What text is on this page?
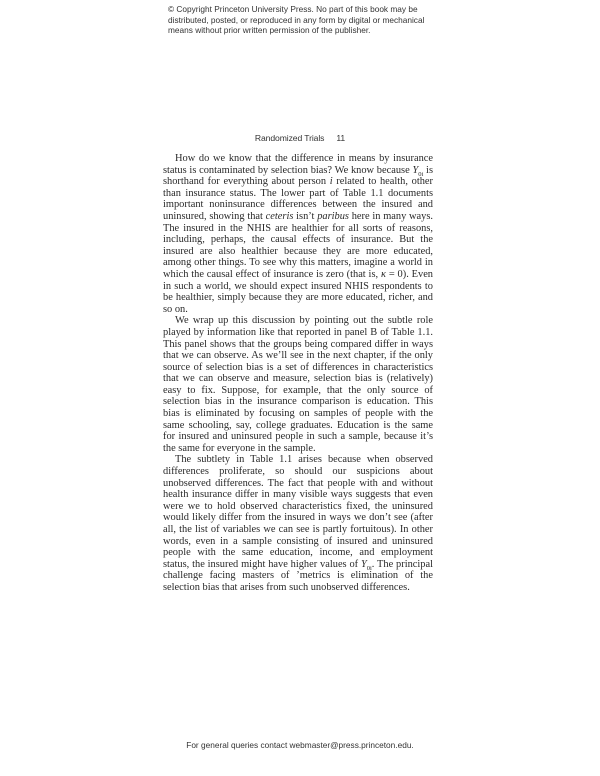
© Copyright Princeton University Press. No part of this book may be
distributed, posted, or reproduced in any form by digital or mechanical
means without prior written permission of the publisher.
Randomized Trials 11

How do we know that the difference in means by insurance status is contaminated by selection bias? We know because $Y_{0i}$ is shorthand for everything about person i related to health, other than insurance status. The lower part of Table 1.1 documents important noninsurance differences between the insured and uninsured, showing that ceteris isn’t paribus here in many ways. The insured in the NHIS are healthier for all sorts of reasons, including, perhaps, the causal effects of insurance. But the insured are also healthier because they are more educated, among other things. To see why this matters, imagine a world in which the causal effect of insurance is zero (that is, κ = 0). Even in such a world, we should expect insured NHIS respondents to be healthier, simply because they are more educated, richer, and so on.

We wrap up this discussion by pointing out the subtle role played by information like that reported in panel B of Table 1.1. This panel shows that the groups being compared differ in ways that we can observe. As we’ll see in the next chapter, if the only source of selection bias is a set of differences in characteristics that we can observe and measure, selection bias is (relatively) easy to fix. Suppose, for example, that the only source of selection bias in the insurance comparison is education. This bias is eliminated by focusing on samples of people with the same schooling, say, college graduates. Education is the same for insured and uninsured people in such a sample, because it’s the same for everyone in the sample.

The subtlety in Table 1.1 arises because when observed differences proliferate, so should our suspicions about unobserved differences. The fact that people with and without health insurance differ in many visible ways suggests that even were we to hold observed characteristics fixed, the uninsured would likely differ from the insured in ways we don’t see (after all, the list of variables we can see is partly fortuitous). In other words, even in a sample consisting of insured and uninsured people with the same education, income, and employment status, the insured might have higher values of $Y_{0i}$. The principal challenge facing masters of ’metrics is elimination of the selection bias that arises from such unobserved differences.

For general queries contact webmaster@press.princeton.edu.
